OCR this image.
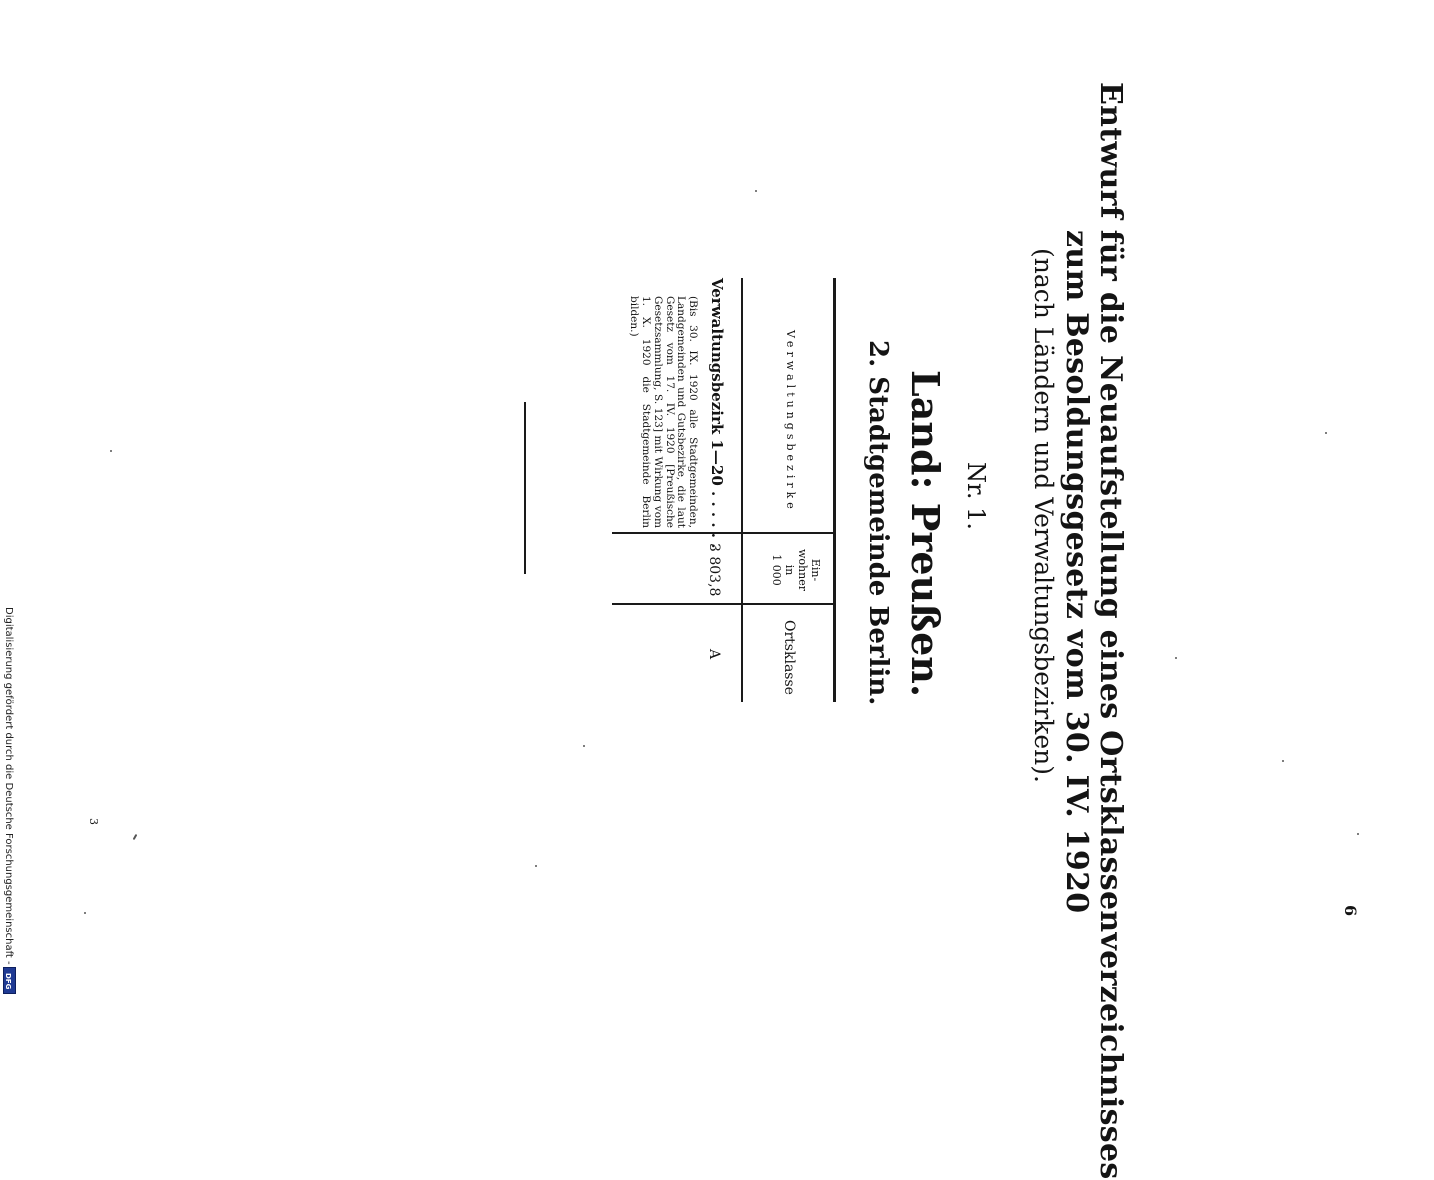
Entwurf für die Neuaufstellung eines Ortsklassenverzeichnisses
zum Besoldungsgesetz vom 30. IV. 1920
(nach Ländern und Verwaltungsbezirken).
Nr. 1.
Land: Preußen.
2. Stadtgemeinde Berlin.
Verwaltungsbezirke
Ein-
wohner
in
1 000
Ortsklasse
Verwaltungsbezirk 1—20 . . . . . .
(Bis 30. IX. 1920 alle Stadtgemeinden, Landgemeinden und Gutsbezirke, die laut Gesetz vom 17. IV. 1920 [Preußische Gesetzsammlung, S. 123] mit Wirkung vom 1. X. 1920 die Stadtgemeinde Berlin bilden.)
3 803,8
A
6
3
Digitalisierung gefördert durch die Deutsche Forschungsgemeinschaft -
DFG
